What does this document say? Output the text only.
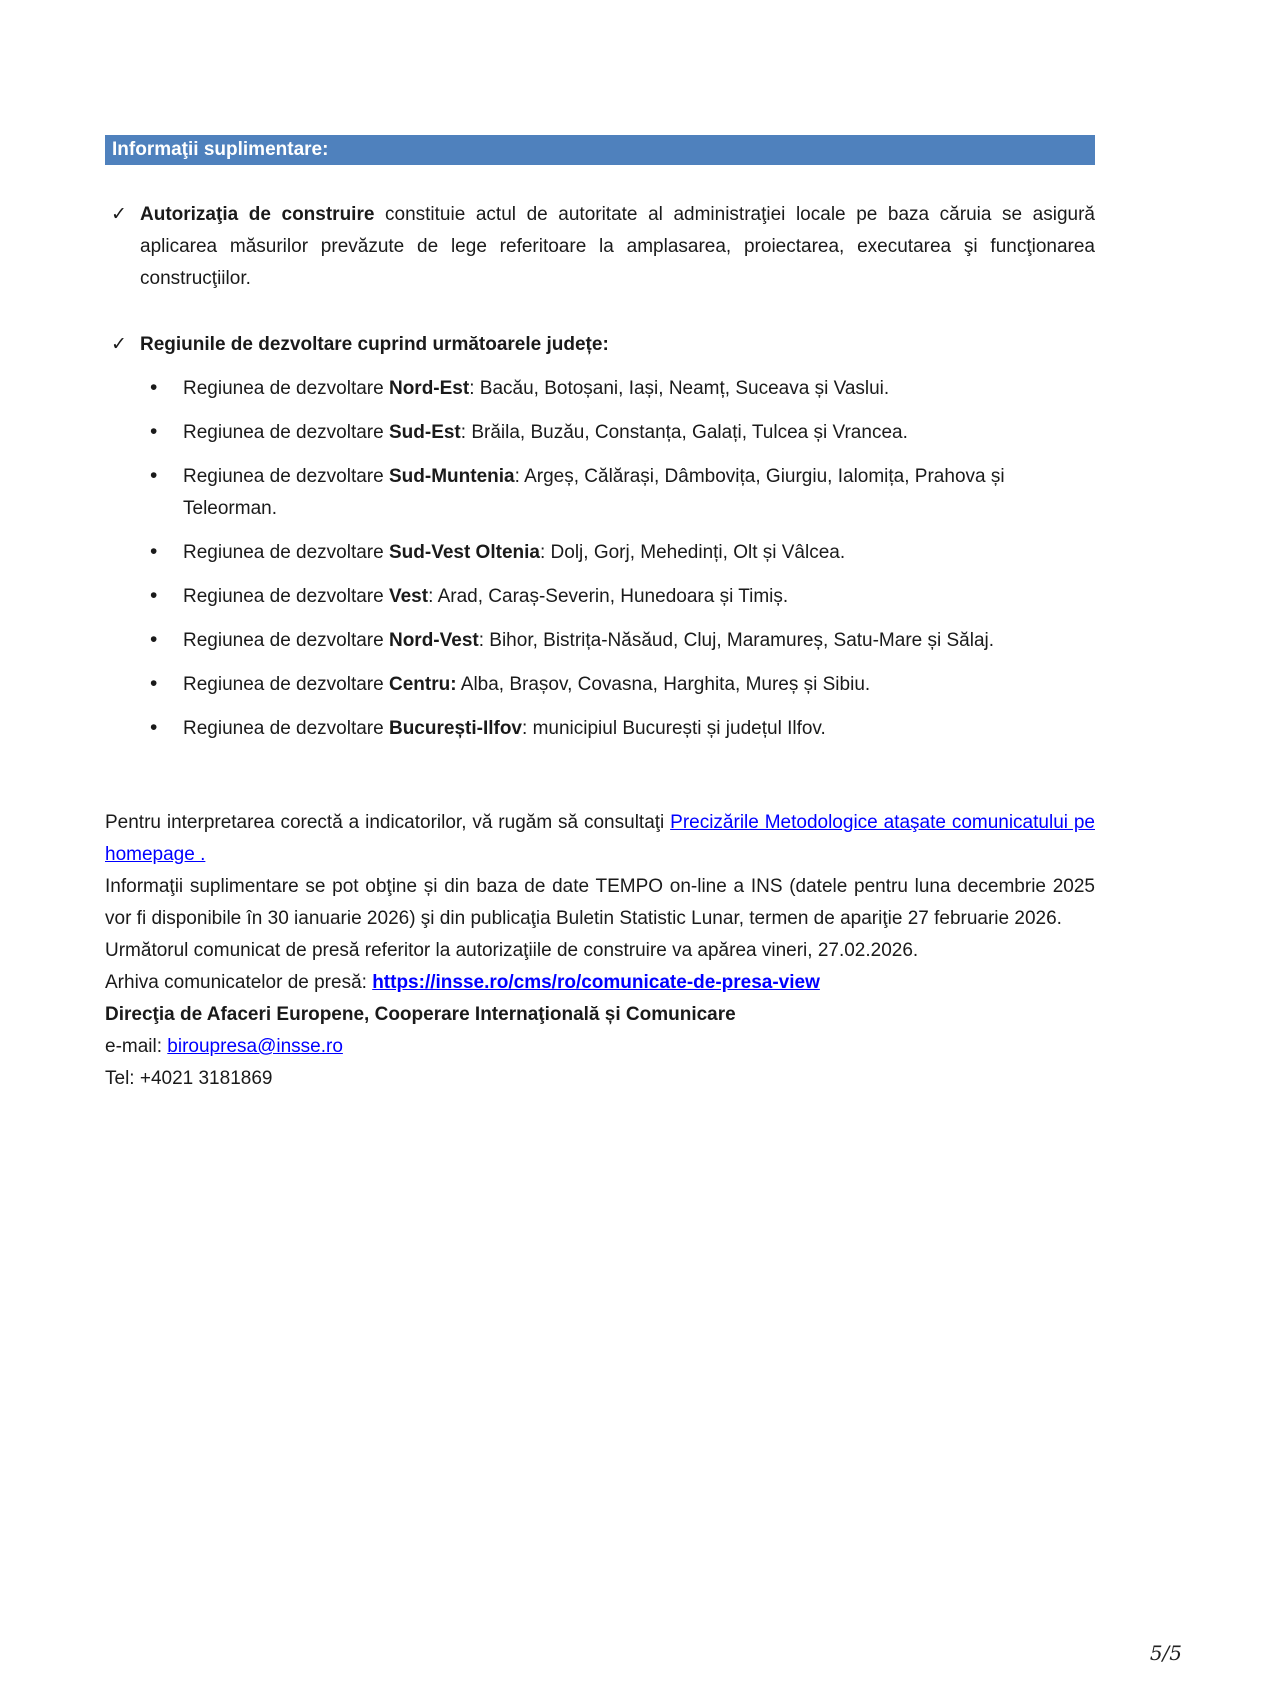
Informaţii suplimentare:
✓ Autorizaţia de construire constituie actul de autoritate al administraţiei locale pe baza căruia se asigură aplicarea măsurilor prevăzute de lege referitoare la amplasarea, proiectarea, executarea şi funcţionarea construcţiilor.
✓ Regiunile de dezvoltare cuprind următoarele județe:
• Regiunea de dezvoltare Nord-Est: Bacău, Botoșani, Iași, Neamț, Suceava și Vaslui.
• Regiunea de dezvoltare Sud-Est: Brăila, Buzău, Constanța, Galați, Tulcea și Vrancea.
• Regiunea de dezvoltare Sud-Muntenia: Argeș, Călărași, Dâmbovița, Giurgiu, Ialomița, Prahova și Teleorman.
• Regiunea de dezvoltare Sud-Vest Oltenia: Dolj, Gorj, Mehedinți, Olt și Vâlcea.
• Regiunea de dezvoltare Vest: Arad, Caraș-Severin, Hunedoara și Timiș.
• Regiunea de dezvoltare Nord-Vest: Bihor, Bistrița-Năsăud, Cluj, Maramureș, Satu-Mare și Sălaj.
• Regiunea de dezvoltare Centru: Alba, Brașov, Covasna, Harghita, Mureș și Sibiu.
• Regiunea de dezvoltare București-Ilfov: municipiul București și județul Ilfov.
Pentru interpretarea corectă a indicatorilor, vă rugăm să consultaţi Precizările Metodologice ataşate comunicatului pe homepage .
Informaţii suplimentare se pot obţine și din baza de date TEMPO on-line a INS (datele pentru luna decembrie 2025 vor fi disponibile în 30 ianuarie 2026) şi din publicaţia Buletin Statistic Lunar, termen de apariţie 27 februarie 2026.
Următorul comunicat de presă referitor la autorizaţiile de construire va apărea vineri, 27.02.2026.
Arhiva comunicatelor de presă: https://insse.ro/cms/ro/comunicate-de-presa-view
Direcţia de Afaceri Europene, Cooperare Internaţională și Comunicare
e-mail: biroupresa@insse.ro
Tel: +4021 3181869
5/5
